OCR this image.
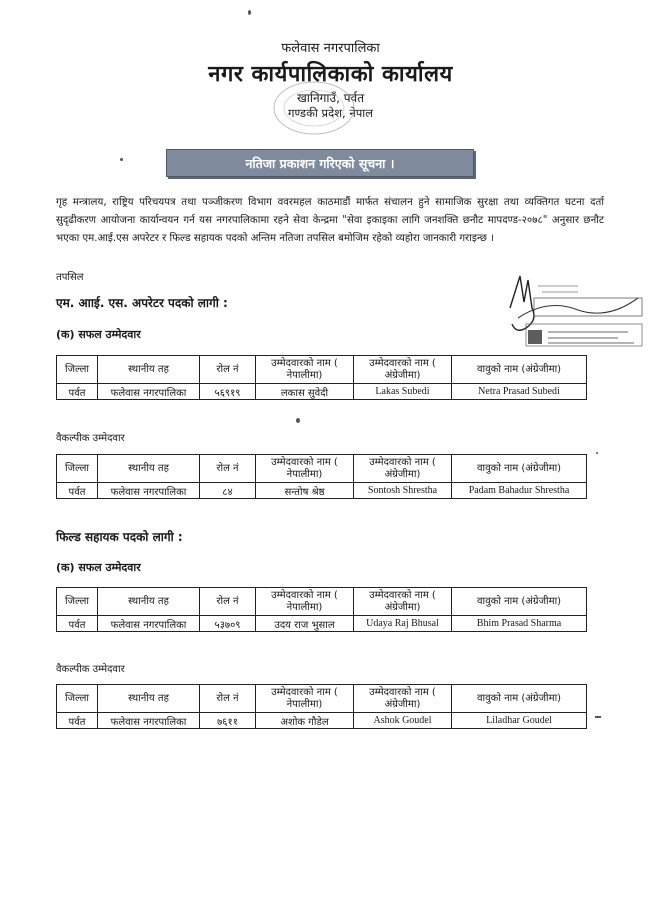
फलेवास नगरपालिका
नगर कार्यपालिकाको कार्यालय
खानिगाउँ, पर्वत
गण्डकी प्रदेश, नेपाल
नतिजा प्रकाशन गरिएको सूचना ।
गृह मन्त्रालय, राष्ट्रिय परिचयपत्र तथा पञ्जीकरण विभाग ववरमहल काठमाडौं मार्फत संचालन हुने सामाजिक सुरक्षा तथा व्यक्तिगत घटना दर्ता सुदृढीकरण आयोजना कार्यान्वयन गर्न यस नगरपालिकामा रहने सेवा केन्द्रमा "सेवा इकाइका लागि जनशक्ति छनौट मापदण्ड-२०७८" अनुसार छनौट भएका एम.आई.एस अपरेटर र फिल्ड सहायक पदको अन्तिम नतिजा तपसिल बमोजिम रहेको व्यहोरा जानकारी गराइन्छ ।
तपसिल
एम. आाई. एस. अपरेटर पदको लागी :
(क) सफल उम्मेदवार
जिल्ला	स्थानीय तह	रोल नं	उम्मेदवारको नाम ( नेपालीमा)	उम्मेदवारको नाम ( अंग्रेजीमा)	वावुको नाम (अंग्रेजीमा)
पर्वत	फलेवास नगरपालिका	५६९१९	लकास सुवेदी	Lakas Subedi	Netra Prasad Subedi
वैकल्पीक उम्मेदवार
जिल्ला	स्थानीय तह	रोल नं	उम्मेदवारको नाम ( नेपालीमा)	उम्मेदवारको नाम ( अंग्रेजीमा)	वावुको नाम (अंग्रेजीमा)
पर्वत	फलेवास नगरपालिका	८४	सन्तोष श्रेष्ठ	Sontosh Shrestha	Padam Bahadur Shrestha
फिल्ड सहायक पदको लागी :
(क) सफल उम्मेदवार
जिल्ला	स्थानीय तह	रोल नं	उम्मेदवारको नाम ( नेपालीमा)	उम्मेदवारको नाम ( अंग्रेजीमा)	वावुको नाम (अंग्रेजीमा)
पर्वत	फलेवास नगरपालिका	५३७०९	उदय राज भुसाल	Udaya Raj Bhusal	Bhim Prasad Sharma
वैकल्पीक उम्मेदवार
जिल्ला	स्थानीय तह	रोल नं	उम्मेदवारको नाम ( नेपालीमा)	उम्मेदवारको नाम ( अंग्रेजीमा)	वावुको नाम (अंग्रेजीमा)
पर्वत	फलेवास नगरपालिका	७६११	अशोक गौडेल	Ashok Goudel	Liladhar Goudel
